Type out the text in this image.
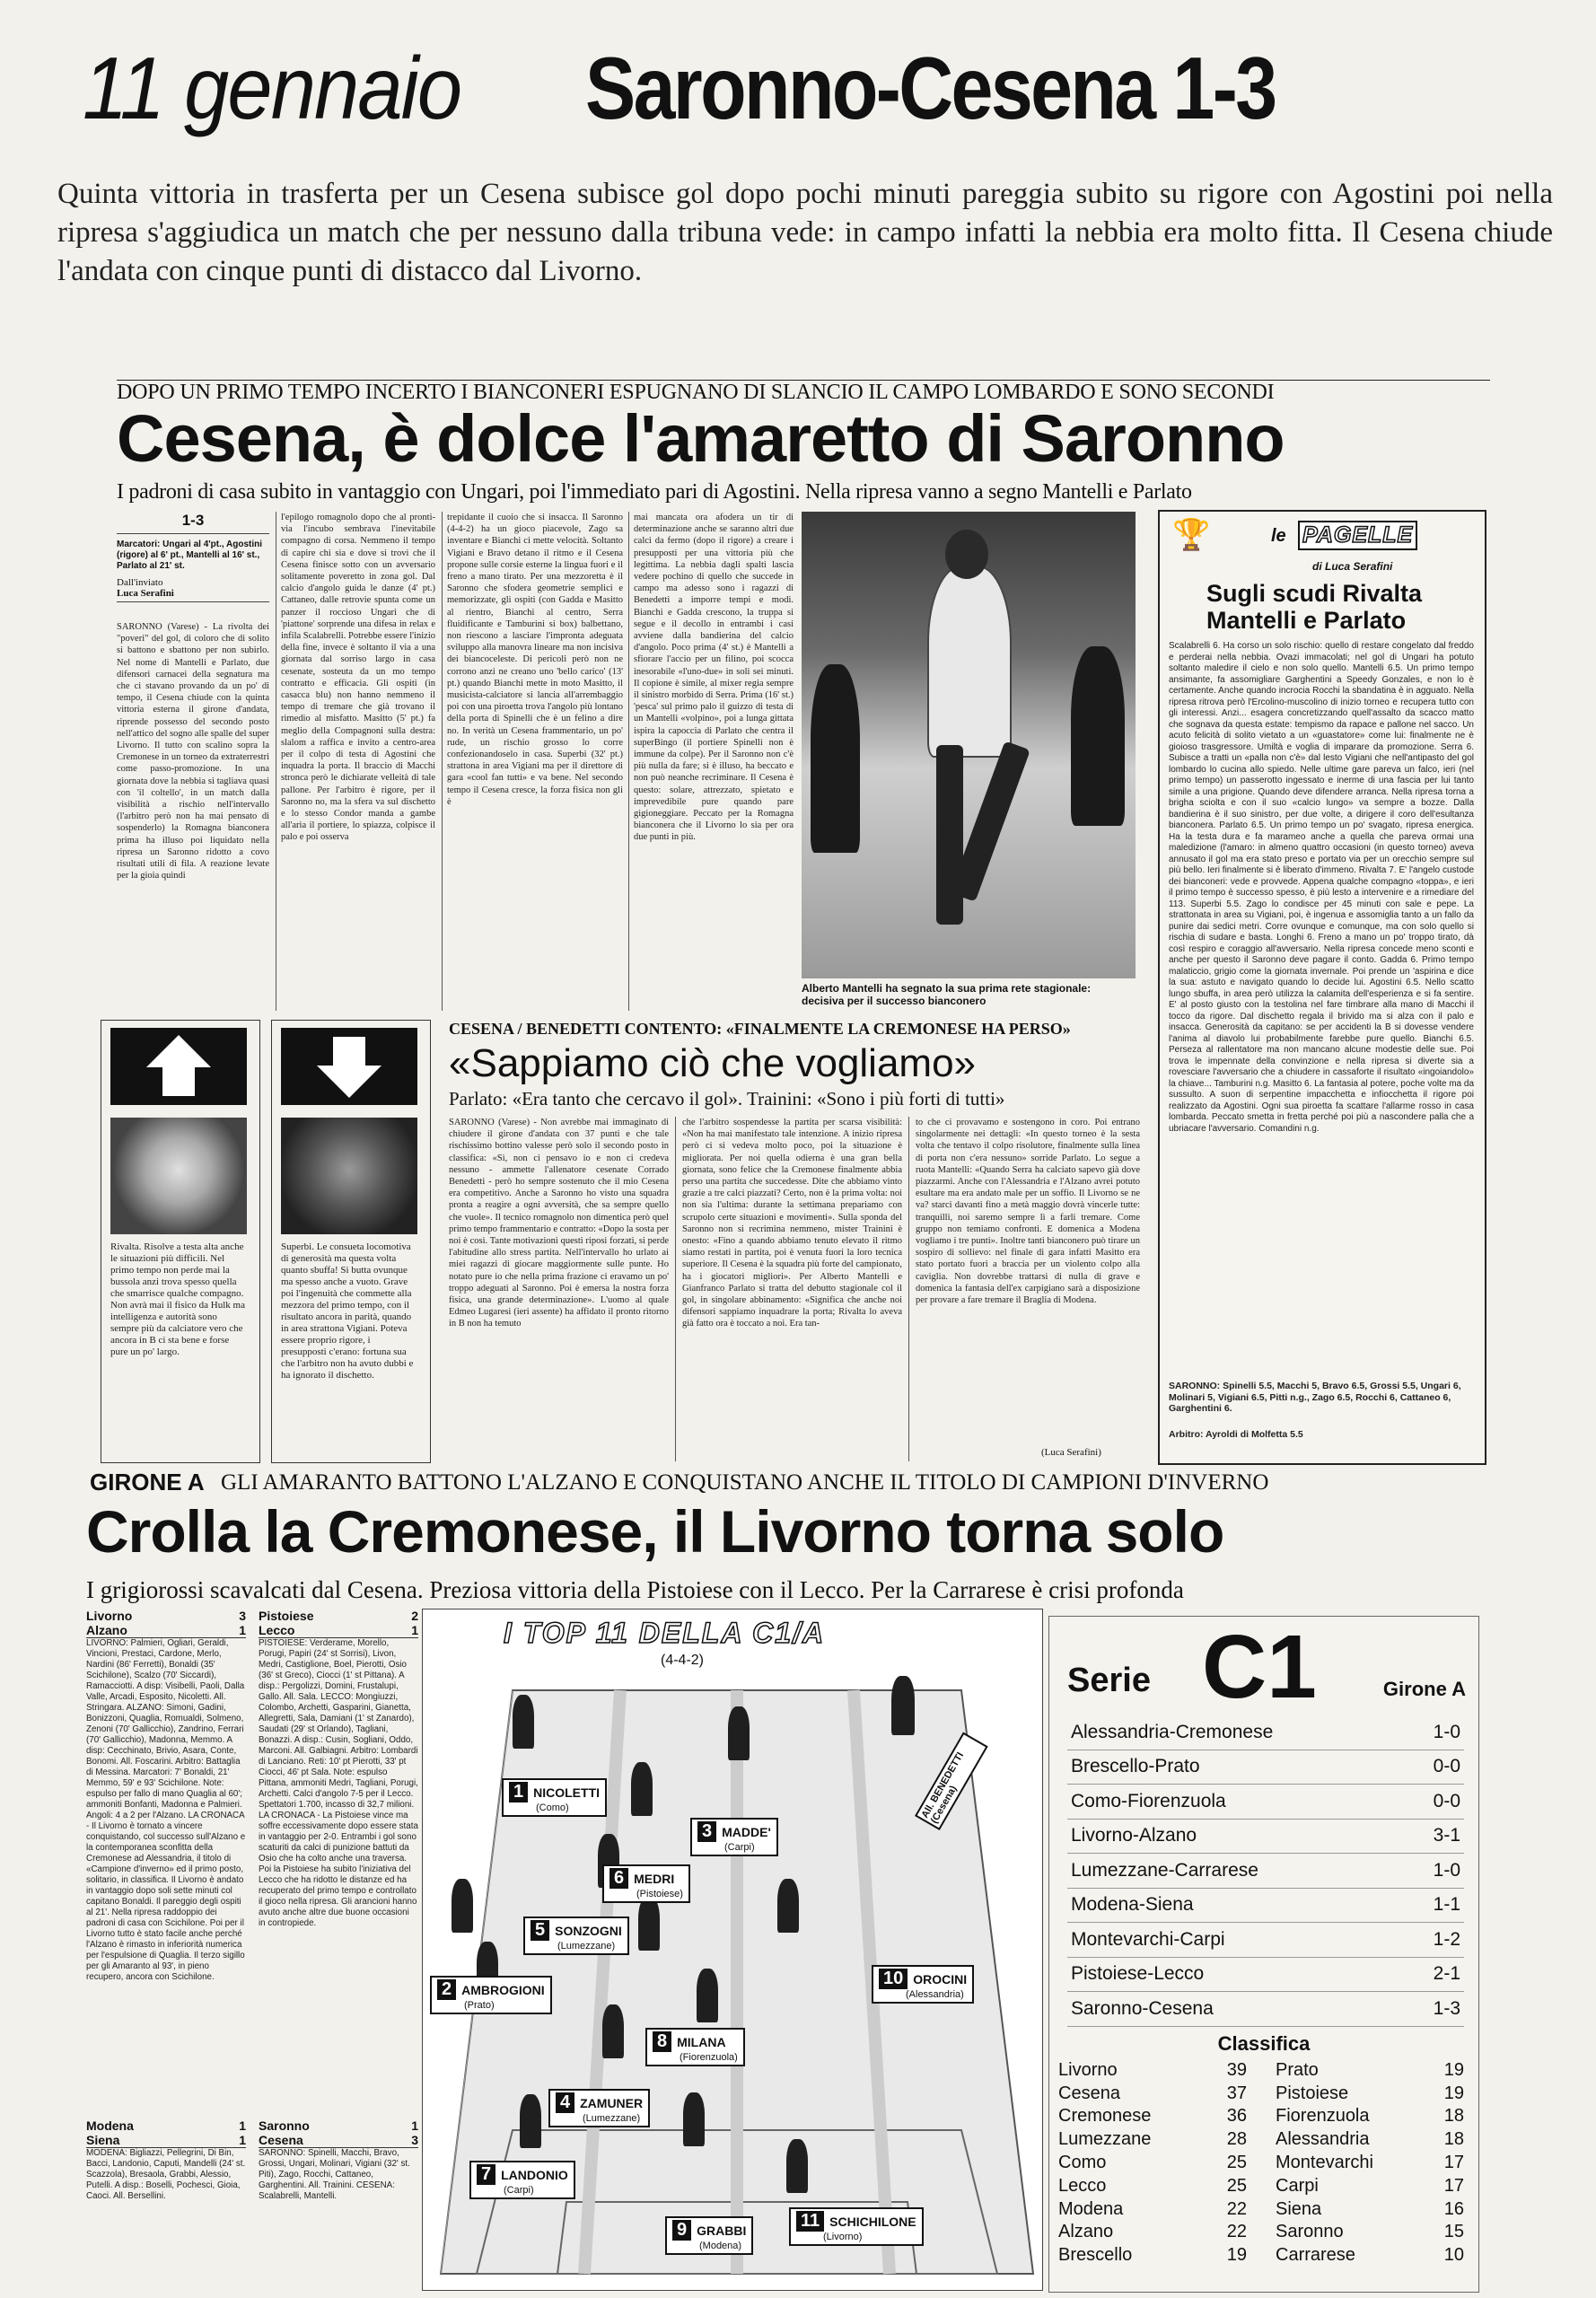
11 gennaio Saronno-Cesena 1-3
Quinta vittoria in trasferta per un Cesena subisce gol dopo pochi minuti pareggia subito su rigore con Agostini poi nella ripresa s'aggiudica un match che per nessuno dalla tribuna vede: in campo infatti la nebbia era molto fitta. Il Cesena chiude l'andata con cinque punti di distacco dal Livorno.
DOPO UN PRIMO TEMPO INCERTO I BIANCONERI ESPUGNANO DI SLANCIO IL CAMPO LOMBARDO E SONO SECONDI
Cesena, è dolce l'amaretto di Saronno
I padroni di casa subito in vantaggio con Ungari, poi l'immediato pari di Agostini. Nella ripresa vanno a segno Mantelli e Parlato
1-3
Marcatori: Ungari al 4'pt., Agostini (rigore) al 6' pt., Mantelli al 16' st., Parlato al 21' st.
Dall'inviato
Luca Serafini
SARONNO (Varese) - La rivolta dei "poveri" del gol, di coloro che di solito si battono e sbattono per non subirlo. Nel nome di Mantelli e Parlato, due difensori carnacei della segnatura ma che ci stavano provando da un po' di tempo, il Cesena chiude con la quinta vittoria esterna il girone d'andata, riprende possesso del secondo posto nell'attico del sogno alle spalle del super Livorno. Il tutto con scalino sopra la Cremonese in un torneo da extraterrestri come passo-promozione. In una giornata dove la nebbia si tagliava quasi con 'il coltello', in un match dalla visibilità a rischio nell'intervallo (l'arbitro però non ha mai pensato di sospenderlo) la Romagna bianconera prima ha illuso poi liquidato nella ripresa un Saronno ridotto a covo risultati utili di fila. A reazione levate per la gioia quindi
l'epilogo romagnolo dopo che al pronti-via l'incubo sembrava l'inevitabile compagno di corsa. Nemmeno il tempo di capire chi sia e dove si trovi che il Cesena finisce sotto con un avversario solitamente poveretto in zona gol. Dal calcio d'angolo guida le danze (4' pt.) Cattaneo, dalle retrovie spunta come un panzer il roccioso Ungari che di 'piattone' sorprende una difesa in relax e infila Scalabrelli. Potrebbe essere l'inizio della fine, invece è soltanto il via a una giornata dal sorriso largo in casa cesenate, sosteuta da un mo tempo contratto e efficacia. Gli ospiti (in casacca blu) non hanno nemmeno il tempo di tremare che già trovano il rimedio al misfatto. Masitto (5' pt.) fa meglio della Compagnoni sulla destra: slalom a raffica e invito a centro-area per il colpo di testa di Agostini che inquadra la porta. Il braccio di Macchi stronca però le dichiarate velleità di tale pallone. Per l'arbitro è rigore, per il Saronno no, ma la sfera va sul dischetto e lo stesso Condor manda a gambe all'aria il portiere, lo spiazza, colpisce il palo e poi osserva
trepidante il cuoio che si insacca. Il Saronno (4-4-2) ha un gioco piacevole, Zago sa inventare e Bianchi ci mette velocità. Soltanto Vigiani e Bravo detano il ritmo e il Cesena propone sulle corsie esterne la lingua fuori e il freno a mano tirato. Per una mezzoretta è il Saronno che sfodera geometrie semplici e memorizzate, gli ospiti (con Gadda e Masitto al rientro, Bianchi al centro, Serra fluidificante e Tamburini si box) balbettano, non riescono a lasciare l'impronta adeguata sviluppo alla manovra lineare ma non incisiva dei biancoceleste. Di pericoli però non ne corrono anzi ne creano uno 'bello carico' (13' pt.) quando Bianchi mette in moto Masitto, il musicista-calciatore si lancia all'arrembaggio poi con una piroetta trova l'angolo più lontano della porta di Spinelli che è un felino a dire no. In verità un Cesena frammentario, un po' rude, un rischio grosso lo corre confezionandoselo in casa. Superbi (32' pt.) strattona in area Vigiani ma per il direttore di gara «cool fan tutti» e va bene. Nel secondo tempo il Cesena cresce, la forza fisica non gli è
mai mancata ora afodera un tir di determinazione anche se saranno altri due calci da fermo (dopo il rigore) a creare i presupposti per una vittoria più che legittima. La nebbia dagli spalti lascia vedere pochino di quello che succede in campo ma adesso sono i ragazzi di Benedetti a imporre tempi e modi. Bianchi e Gadda crescono, la truppa si segue e il decollo in entrambi i casi avviene dalla bandierina del calcio d'angolo. Poco prima (4' st.) è Mantelli a sfiorare l'accio per un filino, poi scocca inesorabile «l'uno-due» in soli sei minuti. Il copione è simile, al mixer regia sempre il sinistro morbido di Serra. Prima (16' st.) 'pesca' sul primo palo il guizzo di testa di un Mantelli «volpino», poi a lunga gittata ispira la capoccia di Parlato che centra il superBingo (il portiere Spinelli non è immune da colpe). Per il Saronno non c'è più nulla da fare; si è illuso, ha beccato e non può neanche recriminare. Il Cesena è questo: solare, attrezzato, spietato e imprevedibile pure quando pare gigioneggiare. Peccato per la Romagna bianconera che il Livorno lo sia per ora due punti in più.
Alberto Mantelli ha segnato la sua prima rete stagionale: decisiva per il successo bianconero
🏆	le PAGELLE
di Luca Serafini
Sugli scudi Rivalta Mantelli e Parlato
Scalabrelli 6. Ha corso un solo rischio: quello di restare congelato dal freddo e perderai nella nebbia. Ovazi immacolati; nel gol di Ungari ha potuto soltanto maledire il cielo e non solo quello. Mantelli 6.5. Un primo tempo ansimante, fa assomigliare Garghentini a Speedy Gonzales, e non lo è certamente. Anche quando incrocia Rocchi la sbandatina è in agguato. Nella ripresa ritrova però l'Ercolino-muscolino di inizio torneo e recupera tutto con gli interessi. Anzi... esagera concretizzando quell'assalto da scacco matto che sognava da questa estate: tempismo da rapace e pallone nel sacco. Un acuto felicità di solito vietato a un «guastatore» come lui: finalmente ne è gioioso trasgressore. Umiltà e voglia di imparare da promozione. Serra 6. Subisce a tratti un «palla non c'è» dal lesto Vigiani che nell'antipasto del gol lombardo lo cucina allo spiedo. Nelle ultime gare pareva un falco, ieri (nel primo tempo) un passerotto ingessato e inerme di una fascia per lui tanto simile a una prigione. Quando deve difendere arranca. Nella ripresa torna a brigha sciolta e con il suo «calcio lungo» va sempre a bozze. Dalla bandierina è il suo sinistro, per due volte, a dirigere il coro dell'esultanza bianconera. Parlato 6.5. Un primo tempo un po' svagato, ripresa energica. Ha la testa dura e fa marameo anche a quella che pareva ormai una maledizione (l'amaro: in almeno quattro occasioni (in questo torneo) aveva annusato il gol ma era stato preso e portato via per un orecchio sempre sul più bello. Ieri finalmente si è liberato d'immeno. Rivalta 7. E' l'angelo custode dei bianconeri: vede e provvede. Appena qualche compagno «toppa», e ieri il primo tempo è successo spesso, è più lesto a intervenire e a rimediare del 113. Superbi 5.5. Zago lo condisce per 45 minuti con sale e pepe. La strattonata in area su Vigiani, poi, è ingenua e assomiglia tanto a un fallo da punire dai sedici metri. Corre ovunque e comunque, ma con solo quello si rischia di sudare e basta. Longhi 6. Freno a mano un po' troppo tirato, dà così respiro e coraggio all'avversario. Nella ripresa concede meno sconti e anche per questo il Saronno deve pagare il conto. Gadda 6. Primo tempo malaticcio, grigio come la giornata invernale. Poi prende un 'aspirina e dice la sua: astuto e navigato quando lo decide lui. Agostini 6.5. Nello scatto lungo sbuffa, in area però utilizza la calamita dell'esperienza e si fa sentire. E' al posto giusto con la testolina nel fare timbrare alla mano di Macchi il tocco da rigore. Dal dischetto regala il brivido ma si alza con il palo e insacca. Generosità da capitano: se per accidenti la B si dovesse vendere l'anima al diavolo lui probabilmente farebbe pure quello. Bianchi 6.5. Perseza al rallentatore ma non mancano alcune modestie delle sue. Poi trova le impennate della convinzione e nella ripresa si diverte sia a rovesciare l'avversario che a chiudere in cassaforte il risultato «ingoiandolo» la chiave... Tamburini n.g. Masitto 6. La fantasia al potere, poche volte ma da sussulto. A suon di serpentine impacchetta e infiocchetta il rigore poi realizzato da Agostini. Ogni sua piroetta fa scattare l'allarme rosso in casa lombarda. Peccato smetta in fretta perché poi più a nascondere palla che a ubriacare l'avversario. Comandini n.g.
SARONNO: Spinelli 5.5, Macchi 5, Bravo 6.5, Grossi 5.5, Ungari 6, Molinari 5, Vigiani 6.5, Pitti n.g., Zago 6.5, Rocchi 6, Cattaneo 6, Garghentini 6.
Arbitro: Ayroldi di Molfetta 5.5
Rivalta. Risolve a testa alta anche le situazioni più difficili. Nel primo tempo non perde mai la bussola anzi trova spesso quella che smarrisce qualche compagno. Non avrà mai il fisico da Hulk ma intelligenza e autorità sono sempre più da calciatore vero che ancora in B ci sta bene e forse pure un po' largo.
Superbi. Le consueta locomotiva di generosità ma questa volta quanto sbuffa! Si butta ovunque ma spesso anche a vuoto. Grave poi l'ingenuità che commette alla mezzora del primo tempo, con il risultato ancora in parità, quando in area strattona Vigiani. Poteva essere proprio rigore, i presupposti c'erano: fortuna sua che l'arbitro non ha avuto dubbi e ha ignorato il dischetto.
CESENA / BENEDETTI CONTENTO: «FINALMENTE LA CREMONESE HA PERSO»
«Sappiamo ciò che vogliamo»
Parlato: «Era tanto che cercavo il gol». Trainini: «Sono i più forti di tutti»
SARONNO (Varese) - Non avrebbe mai immaginato di chiudere il girone d'andata con 37 punti e che tale rischissimo bottino valesse però solo il secondo posto in classifica: «Sì, non ci pensavo io e non ci credeva nessuno - ammette l'allenatore cesenate Corrado Benedetti - però ho sempre sostenuto che il mio Cesena era competitivo. Anche a Saronno ho visto una squadra pronta a reagire a ogni avversità, che sa sempre quello che vuole». Il tecnico romagnolo non dimentica però quel primo tempo frammentario e contratto: «Dopo la sosta per noi è così. Tante motivazioni questi riposi forzati, si perde l'abitudine allo stress partita. Nell'intervallo ho urlato ai miei ragazzi di giocare maggiormente sulle punte. Ho notato pure io che nella prima frazione ci eravamo un po' troppo adeguati al Saronno. Poi è emersa la nostra forza fisica, una grande determinazione». L'uomo al quale Edmeo Lugaresi (ieri assente) ha affidato il pronto ritorno in B non ha temuto
che l'arbitro sospendesse la partita per scarsa visibilità: «Non ha mai manifestato tale intenzione. A inizio ripresa però ci si vedeva molto poco, poi la situazione è migliorata. Per noi quella odierna è una gran bella giornata, sono felice che la Cremonese finalmente abbia perso una partita che succedesse. Dite che abbiamo vinto grazie a tre calci piazzati? Certo, non è la prima volta: noi non sia l'ultima: durante la settimana prepariamo con scrupolo certe situazioni e movimenti». Sulla sponda del Saronno non si recrimina nemmeno, mister Trainini è onesto: «Fino a quando abbiamo tenuto elevato il ritmo siamo restati in partita, poi è venuta fuori la loro tecnica superiore. Il Cesena è la squadra più forte del campionato, ha i giocatori migliori». Per Alberto Mantelli e Gianfranco Parlato si tratta del debutto stagionale col il gol, in singolare abbinamento: «Significa che anche noi difensori sappiamo inquadrare la porta; Rivalta lo aveva già fatto ora è toccato a noi. Era tan-
to che ci provavamo e sostengono in coro. Poi entrano singolarmente nei dettagli: «In questo torneo è la sesta volta che tentavo il colpo risolutore, finalmente sulla linea di porta non c'era nessuno» sorride Parlato. Lo segue a ruota Mantelli: «Quando Serra ha calciato sapevo già dove piazzarmi. Anche con l'Alessandria e l'Alzano avrei potuto esultare ma era andato male per un soffio. Il Livorno se ne va? starci davanti fino a metà maggio dovrà vincerle tutte: tranquilli, noi saremo sempre lì a farli tremare. Come gruppo non temiamo confronti. E domenica a Modena vogliamo i tre punti». Inoltre tanti bianconero può tirare un sospiro di sollievo: nel finale di gara infatti Masitto era stato portato fuori a braccia per un violento colpo alla caviglia. Non dovrebbe trattarsi di nulla di grave e domenica la fantasia dell'ex carpigiano sarà a disposizione per provare a fare tremare il Braglia di Modena.
(Luca Serafini)
GIRONE A GLI AMARANTO BATTONO L'ALZANO E CONQUISTANO ANCHE IL TITOLO DI CAMPIONI D'INVERNO
Crolla la Cremonese, il Livorno torna solo
I grigiorossi scavalcati dal Cesena. Preziosa vittoria della Pistoiese con il Lecco. Per la Carrarese è crisi profonda
Livorno	3
Alzano	1
LIVORNO: Palmieri, Ogliari, Geraldi, Vincioni, Prestaci, Cardone, Merlo, Nardini (86' Ferretti), Bonaldi (35' Scichilone), Scalzo (70' Siccardi), Ramacciotti. A disp: Visibelli, Paoli, Dalla Valle, Arcadi, Esposito, Nicoletti. All. Stringara. ALZANO: Simoni, Gadini, Bonizzoni, Quaglia, Romualdi, Solmeno, Zenoni (70' Gallicchio), Zandrino, Ferrari (70' Gallicchio), Madonna, Memmo. A disp: Cecchinato, Brivio, Asara, Conte, Bonomi. All. Foscarini. Arbitro: Battaglia di Messina. Marcatori: 7' Bonaldi, 21' Memmo, 59' e 93' Scichilone. Note: espulso per fallo di mano Quaglia al 60'; ammoniti Bonfanti, Madonna e Palmieri. Angoli: 4 a 2 per l'Alzano. LA CRONACA - Il Livorno è tornato a vincere conquistando, col successo sull'Alzano e la contemporanea sconfitta della Cremonese ad Alessandria, il titolo di «Campione d'inverno» ed il primo posto, solitario, in classifica. Il Livorno è andato in vantaggio dopo soli sette minuti col capitano Bonaldi. Il pareggio degli ospiti al 21'. Nella ripresa raddoppio dei padroni di casa con Scichilone. Poi per il Livorno tutto è stato facile anche perché l'Alzano è rimasto in inferiorità numerica per l'espulsione di Quaglia. Il terzo sigillo per gli Amaranto al 93', in pieno recupero, ancora con Scichilone.
Pistoiese	2
Lecco	1
PISTOIESE: Verderame, Morello, Porugi, Papiri (24' st Sorrisi), Livon, Medri, Castiglione, Boel, Pierotti, Osio (36' st Greco), Ciocci (1' st Pittana). A disp.: Pergolizzi, Domini, Frustalupi, Gallo. All. Sala. LECCO: Mongiuzzi, Colombo, Archetti, Gasparini, Gianetta, Allegretti, Sala, Damiani (1' st Zanardo), Saudati (29' st Orlando), Tagliani, Bonazzi. A disp.: Cusin, Sogliani, Oddo, Marconi. All. Galbiagni. Arbitro: Lombardi di Lanciano. Reti: 10' pt Pierotti, 33' pt Ciocci, 46' pt Sala. Note: espulso Pittana, ammoniti Medri, Tagliani, Porugi, Archetti. Calci d'angolo 7-5 per il Lecco. Spettatori 1.700, incasso di 32,7 milioni. LA CRONACA - La Pistoiese vince ma soffre eccessivamente dopo essere stata in vantaggio per 2-0. Entrambi i gol sono scaturiti da calci di punizione battuti da Osio che ha colto anche una traversa. Poi la Pistoiese ha subito l'iniziativa del Lecco che ha ridotto le distanze ed ha recuperato del primo tempo e controllato il gioco nella ripresa. Gli arancioni hanno avuto anche altre due buone occasioni in contropiede.
Modena	1
Siena	1
MODENA: Bigliazzi, Pellegrini, Di Bin, Bacci, Landonio, Caputi, Mandelli (24' st. Scazzola), Bresaola, Grabbi, Alessio, Putelli. A disp.: Boselli, Pochesci, Gioia, Caoci. All. Bersellini.
Saronno	1
Cesena	3
SARONNO: Spinelli, Macchi, Bravo, Grossi, Ungari, Molinari, Vigiani (32' st. Piti), Zago, Rocchi, Cattaneo, Garghentini. All. Trainini. CESENA: Scalabrelli, Mantelli.
I TOP 11 DELLA C1/A
(4-4-2)
All. BENEDETTI (Cesena)
1 NICOLETTI
(Como)
3 MADDE'
(Carpi)
6 MEDRI
(Pistoiese)
5 SONZOGNI
(Lumezzane)
2 AMBROGIONI
(Prato)
10 OROCINI
(Alessandria)
8 MILANA
(Fiorenzuola)
4 ZAMUNER
(Lumezzane)
7 LANDONIO
(Carpi)
9 GRABBI
(Modena)
11 SCHICHILONE
(Livorno)
Serie C1	Girone A
Alessandria-Cremonese	1-0
Brescello-Prato	0-0
Como-Fiorenzuola	0-0
Livorno-Alzano	3-1
Lumezzane-Carrarese	1-0
Modena-Siena	1-1
Montevarchi-Carpi	1-2
Pistoiese-Lecco	2-1
Saronno-Cesena	1-3
Classifica
Livorno	39
Cesena	37
Cremonese	36
Lumezzane	28
Como	25
Lecco	25
Modena	22
Alzano	22
Brescello	19
Prato	19
Pistoiese	19
Fiorenzuola	18
Alessandria	18
Montevarchi	17
Carpi	17
Siena	16
Saronno	15
Carrarese	10
